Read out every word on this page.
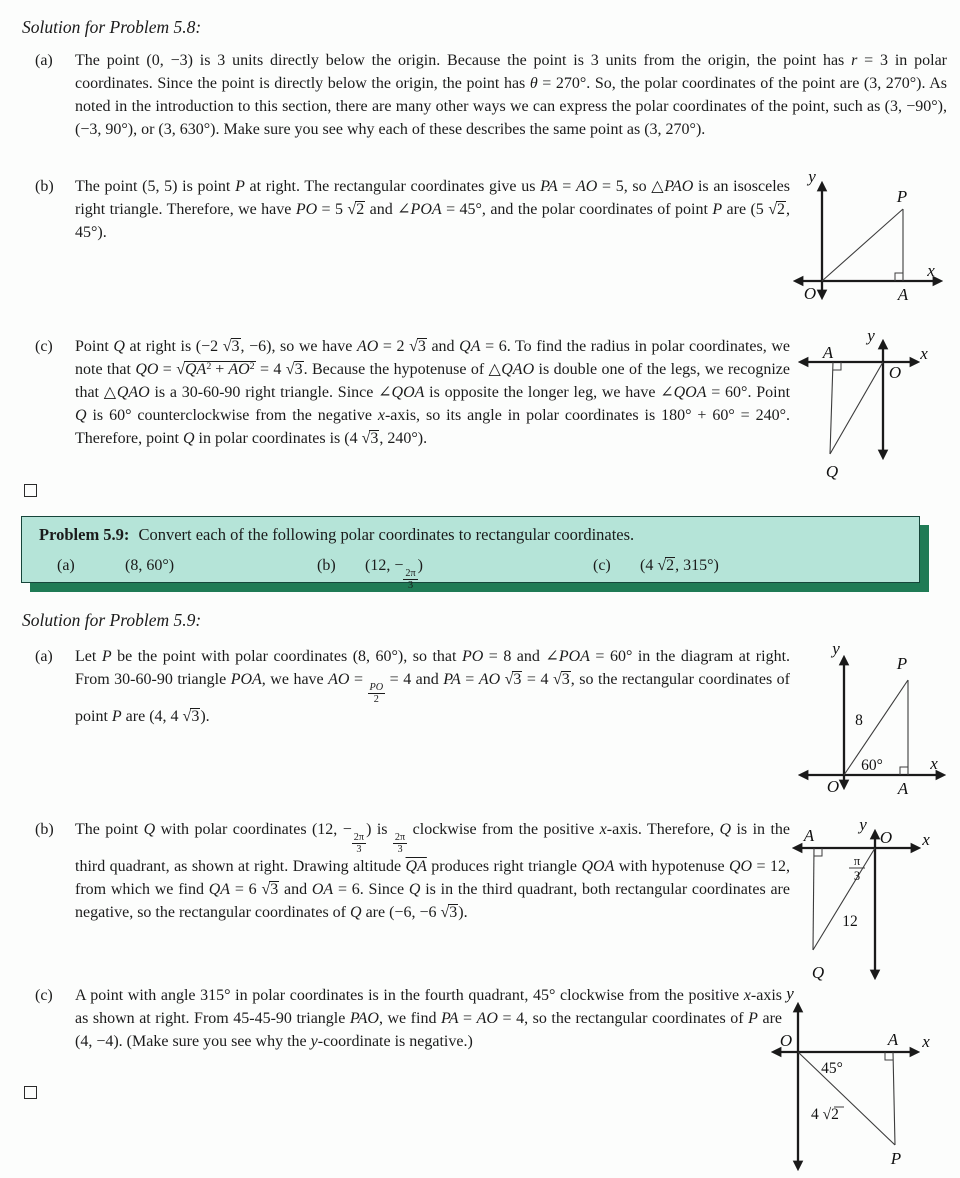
Solution for Problem 5.8:
(a)	The point (0, −3) is 3 units directly below the origin. Because the point is 3 units from the origin, the point has r = 3 in polar coordinates. Since the point is directly below the origin, the point has θ = 270°. So, the polar coordinates of the point are (3, 270°). As noted in the introduction to this section, there are many other ways we can express the polar coordinates of the point, such as (3, −90°), (−3, 90°), or (3, 630°). Make sure you see why each of these describes the same point as (3, 270°).
(b)	The point (5, 5) is point P at right. The rectangular coordinates give us PA = AO = 5, so △PAO is an isosceles right triangle. Therefore, we have PO = 5 √2 and ∠POA = 45°, and the polar coordinates of point P are (5 √2, 45°).
y
x
O	A
P
(c)	Point Q at right is (−2 √3, −6), so we have AO = 2 √3 and QA = 6. To find the radius in polar coordinates, we note that QO = $√QA^2 + AO^2 = 4$ √3. Because the hypotenuse of △QAO is double one of the legs, we recognize that △QAO is a 30-60-90 right triangle. Since ∠QOA is opposite the longer leg, we have ∠QOA = 60°. Point Q is 60° counterclockwise from the negative x-axis, so its angle in polar coordinates is 180° + 60° = 240°. Therefore, point Q in polar coordinates is (4 √3, 240°).
y
x
A
O
Q
Problem 5.9: Convert each of the following polar coordinates to rectangular coordinates.
(a)	(8, 60°)	(b) (12, −
$\frac{2\pi}{3}$
)	(c) (4 √2, 315°)
Solution for Problem 5.9:
(a)	Let P be the point with polar coordinates (8, 60°), so that PO = 8 and ∠POA = 60° in the diagram at right. From 30-60-90 triangle POA, we have AO =
$\frac{PO}{2}$
= 4 and PA = AO √3 = 4 √3, so the rectangular coordinates of point P are (4, 4 √3).
y
x
O	A
P
8
60°
(b)	The point Q with polar coordinates (12, −
$\frac{2\pi}{3}$
) is
$\frac{2\pi}{3}$
clockwise from the positive x-axis. Therefore, Q is in the third quadrant, as shown at right. Drawing altitude $\overline{QA}$ produces right triangle QOA with hypotenuse QO = 12, from which we find QA = 6 √3 and OA = 6. Since Q is in the third quadrant, both rectangular coordinates are negative, so the rectangular coordinates of Q are (−6, −6 √3).
y
x
A	O
Q
12
π
3
(c)	A point with angle 315° in polar coordinates is in the fourth quadrant, 45° clockwise from the positive x-axis as shown at right. From 45-45-90 triangle PAO, we find PA = AO = 4, so the rectangular coordinates of P are (4, −4). (Make sure you see why the y-coordinate is negative.)
y
x
O	A
P
45°
4 √2
